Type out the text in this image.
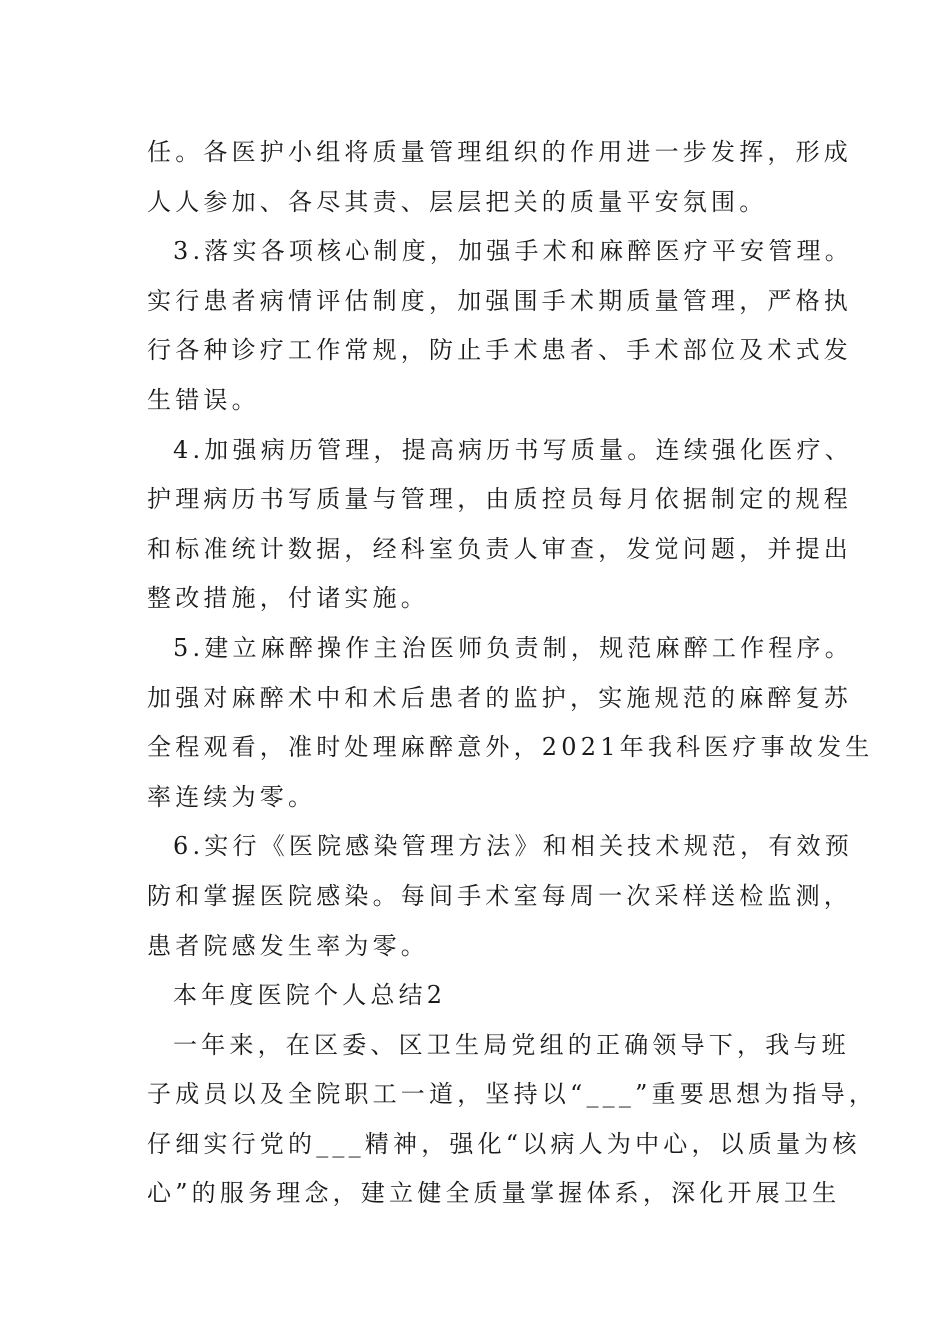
任。各医护小组将质量管理组织的作用进一步发挥，形成
人人参加、各尽其责、层层把关的质量平安氛围。
3.落实各项核心制度，加强手术和麻醉医疗平安管理。
实行患者病情评估制度，加强围手术期质量管理，严格执
行各种诊疗工作常规，防止手术患者、手术部位及术式发
生错误。
4.加强病历管理，提高病历书写质量。连续强化医疗、
护理病历书写质量与管理，由质控员每月依据制定的规程
和标准统计数据，经科室负责人审查，发觉问题，并提出
整改措施，付诸实施。
5.建立麻醉操作主治医师负责制，规范麻醉工作程序。
加强对麻醉术中和术后患者的监护，实施规范的麻醉复苏
全程观看，准时处理麻醉意外，2021年我科医疗事故发生
率连续为零。
6.实行《医院感染管理方法》和相关技术规范，有效预
防和掌握医院感染。每间手术室每周一次采样送检监测，
患者院感发生率为零。
本年度医院个人总结2
一年来，在区委、区卫生局党组的正确领导下，我与班
子成员以及全院职工一道，坚持以“___”重要思想为指导，
仔细实行党的___精神，强化“以病人为中心，以质量为核
心”的服务理念，建立健全质量掌握体系，深化开展卫生
